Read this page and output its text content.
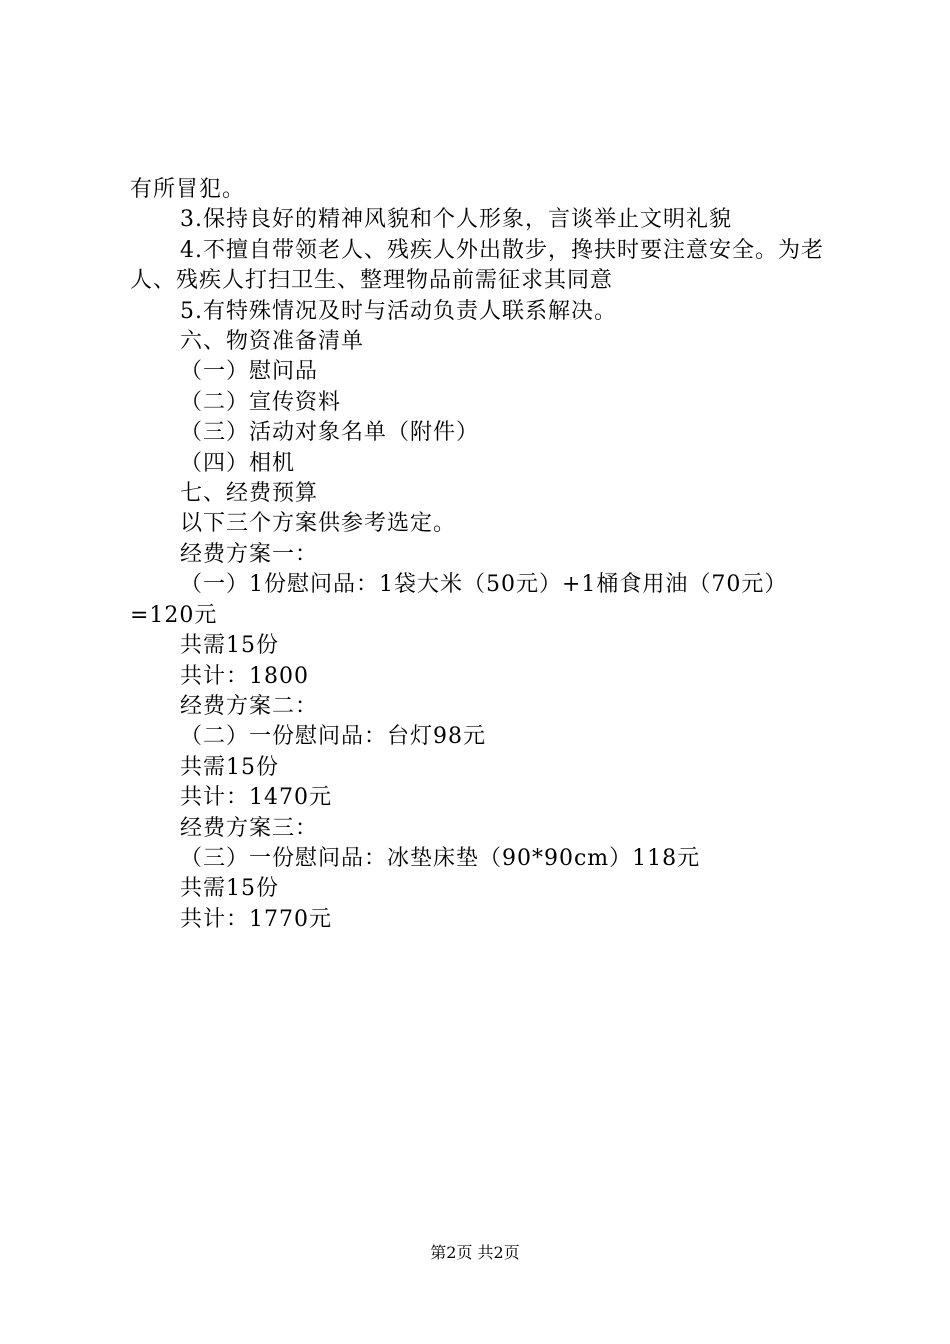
有所冒犯。
3.保持良好的精神风貌和个人形象，言谈举止文明礼貌
4.不擅自带领老人、残疾人外出散步，搀扶时要注意安全。为老人、残疾人打扫卫生、整理物品前需征求其同意
5.有特殊情况及时与活动负责人联系解决。
六、物资准备清单
（一）慰问品
（二）宣传资料
（三）活动对象名单（附件）
（四）相机
七、经费预算
以下三个方案供参考选定。
经费方案一：
（一）1份慰问品：1袋大米（50元）+1桶食用油（70元）=120元
共需15份
共计：1800
经费方案二：
（二）一份慰问品：台灯98元
共需15份
共计：1470元
经费方案三：
（三）一份慰问品：冰垫床垫（90*90cm）118元
共需15份
共计：1770元
第2页 共2页
